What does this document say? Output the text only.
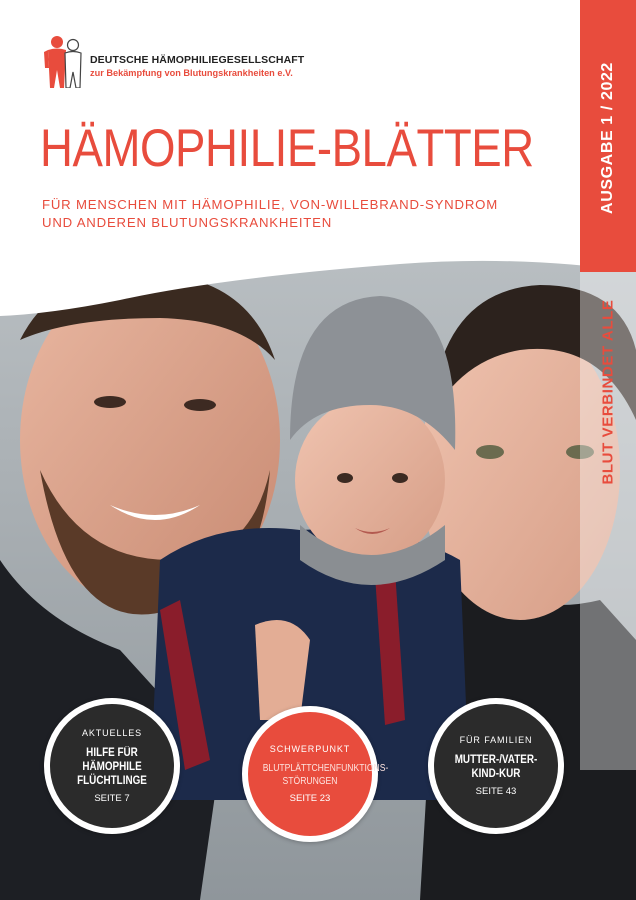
DEUTSCHE HÄMOPHILIEGESELLSCHAFT
zur Bekämpfung von Blutungskrankheiten e.V.
HÄMOPHILIE-BLÄTTER
FÜR MENSCHEN MIT HÄMOPHILIE, VON-WILLEBRAND-SYNDROM
UND ANDEREN BLUTUNGSKRANKHEITEN
AUSGABE 1 / 2022
BLUT VERBINDET ALLE
AKTUELLES
HILFE FÜR HÄMOPHILE FLÜCHTLINGE
SEITE 7
SCHWERPUNKT
BLUTPLÄTTCHENFUNKTIONS-STÖRUNGEN
SEITE 23
FÜR FAMILIEN
MUTTER-/VATER-KIND-KUR
SEITE 43
